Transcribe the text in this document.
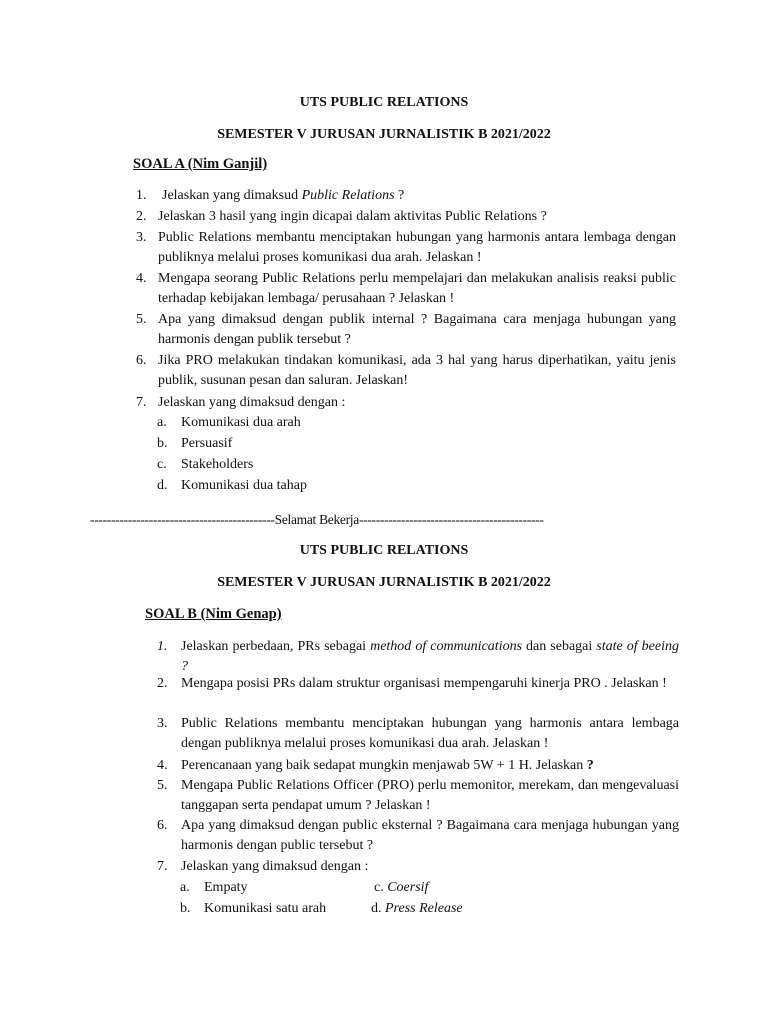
UTS PUBLIC RELATIONS
SEMESTER V JURUSAN JURNALISTIK B 2021/2022
SOAL A (Nim Ganjil)
1.	Jelaskan yang dimaksud Public Relations ?
2. Jelaskan 3 hasil yang ingin dicapai dalam aktivitas Public Relations ?
3. Public Relations membantu menciptakan hubungan yang harmonis antara lembaga dengan publiknya melalui proses komunikasi dua arah. Jelaskan !
4. Mengapa seorang Public Relations perlu mempelajari dan melakukan analisis reaksi public terhadap kebijakan lembaga/ perusahaan ? Jelaskan !
5. Apa yang dimaksud dengan publik internal ? Bagaimana cara menjaga hubungan yang harmonis dengan publik tersebut ?
6. Jika PRO melakukan tindakan komunikasi, ada 3 hal yang harus diperhatikan, yaitu jenis publik, susunan pesan dan saluran. Jelaskan!
7. Jelaskan yang dimaksud dengan :
a. Komunikasi dua arah
b. Persuasif
c. Stakeholders
d. Komunikasi dua tahap
--------------------------------------------Selamat Bekerja--------------------------------------------
UTS PUBLIC RELATIONS
SEMESTER V JURUSAN JURNALISTIK B 2021/2022
SOAL B (Nim Genap)
1. Jelaskan perbedaan, PRs sebagai method of communications dan sebagai state of beeing ?
2. Mengapa posisi PRs dalam struktur organisasi mempengaruhi kinerja PRO . Jelaskan !
3. Public Relations membantu menciptakan hubungan yang harmonis antara lembaga dengan publiknya melalui proses komunikasi dua arah. Jelaskan !
4. Perencanaan yang baik sedapat mungkin menjawab 5W + 1 H. Jelaskan ?
5. Mengapa Public Relations Officer (PRO) perlu memonitor, merekam, dan mengevaluasi tanggapan serta pendapat umum ? Jelaskan !
6. Apa yang dimaksud dengan public eksternal ? Bagaimana cara menjaga hubungan yang harmonis dengan public tersebut ?
7. Jelaskan yang dimaksud dengan :
a. Empaty	c. Coersif
b. Komunikasi satu arah	d. Press Release
